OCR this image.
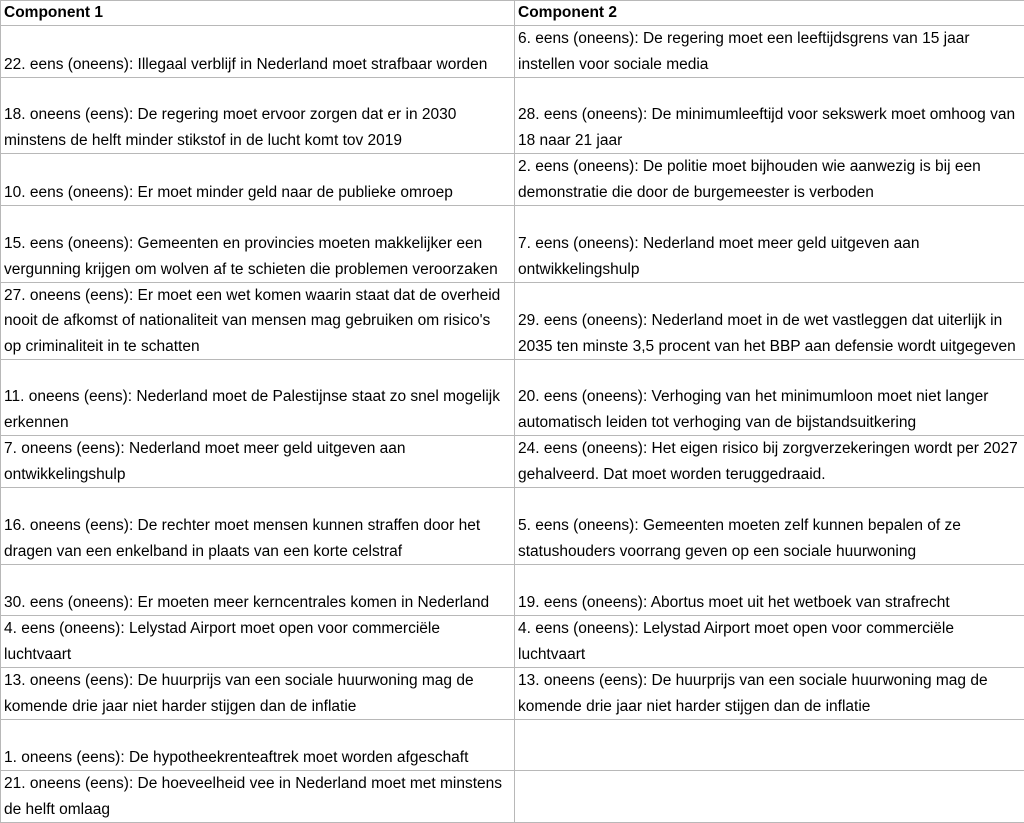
Component 1	Component 2
22. eens (oneens): Illegaal verblijf in Nederland moet strafbaar worden	6. eens (oneens): De regering moet een leeftijdsgrens van 15 jaar instellen voor sociale media
18. oneens (eens): De regering moet ervoor zorgen dat er in 2030 minstens de helft minder stikstof in de lucht komt tov 2019	28. eens (oneens): De minimumleeftijd voor sekswerk moet omhoog van 18 naar 21 jaar
10. eens (oneens): Er moet minder geld naar de publieke omroep	2. eens (oneens): De politie moet bijhouden wie aanwezig is bij een demonstratie die door de burgemeester is verboden
15. eens (oneens): Gemeenten en provincies moeten makkelijker een vergunning krijgen om wolven af te schieten die problemen veroorzaken	7. eens (oneens): Nederland moet meer geld uitgeven aan ontwikkelingshulp
27. oneens (eens): Er moet een wet komen waarin staat dat de overheid nooit de afkomst of nationaliteit van mensen mag gebruiken om risico's op criminaliteit in te schatten	29. eens (oneens): Nederland moet in de wet vastleggen dat uiterlijk in 2035 ten minste 3,5 procent van het BBP aan defensie wordt uitgegeven
11. oneens (eens): Nederland moet de Palestijnse staat zo snel mogelijk erkennen	20. eens (oneens): Verhoging van het minimumloon moet niet langer automatisch leiden tot verhoging van de bijstandsuitkering
7. oneens (eens): Nederland moet meer geld uitgeven aan ontwikkelingshulp	24. eens (oneens): Het eigen risico bij zorgverzekeringen wordt per 2027 gehalveerd. Dat moet worden teruggedraaid.
16. oneens (eens): De rechter moet mensen kunnen straffen door het dragen van een enkelband in plaats van een korte celstraf	5. eens (oneens): Gemeenten moeten zelf kunnen bepalen of ze statushouders voorrang geven op een sociale huurwoning
30. eens (oneens): Er moeten meer kerncentrales komen in Nederland	19. eens (oneens): Abortus moet uit het wetboek van strafrecht
4. eens (oneens): Lelystad Airport moet open voor commerciële luchtvaart	4. eens (oneens): Lelystad Airport moet open voor commerciële luchtvaart
13. oneens (eens): De huurprijs van een sociale huurwoning mag de komende drie jaar niet harder stijgen dan de inflatie	13. oneens (eens): De huurprijs van een sociale huurwoning mag de komende drie jaar niet harder stijgen dan de inflatie
1. oneens (eens): De hypotheekrenteaftrek moet worden afgeschaft	
21. oneens (eens): De hoeveelheid vee in Nederland moet met minstens de helft omlaag	
